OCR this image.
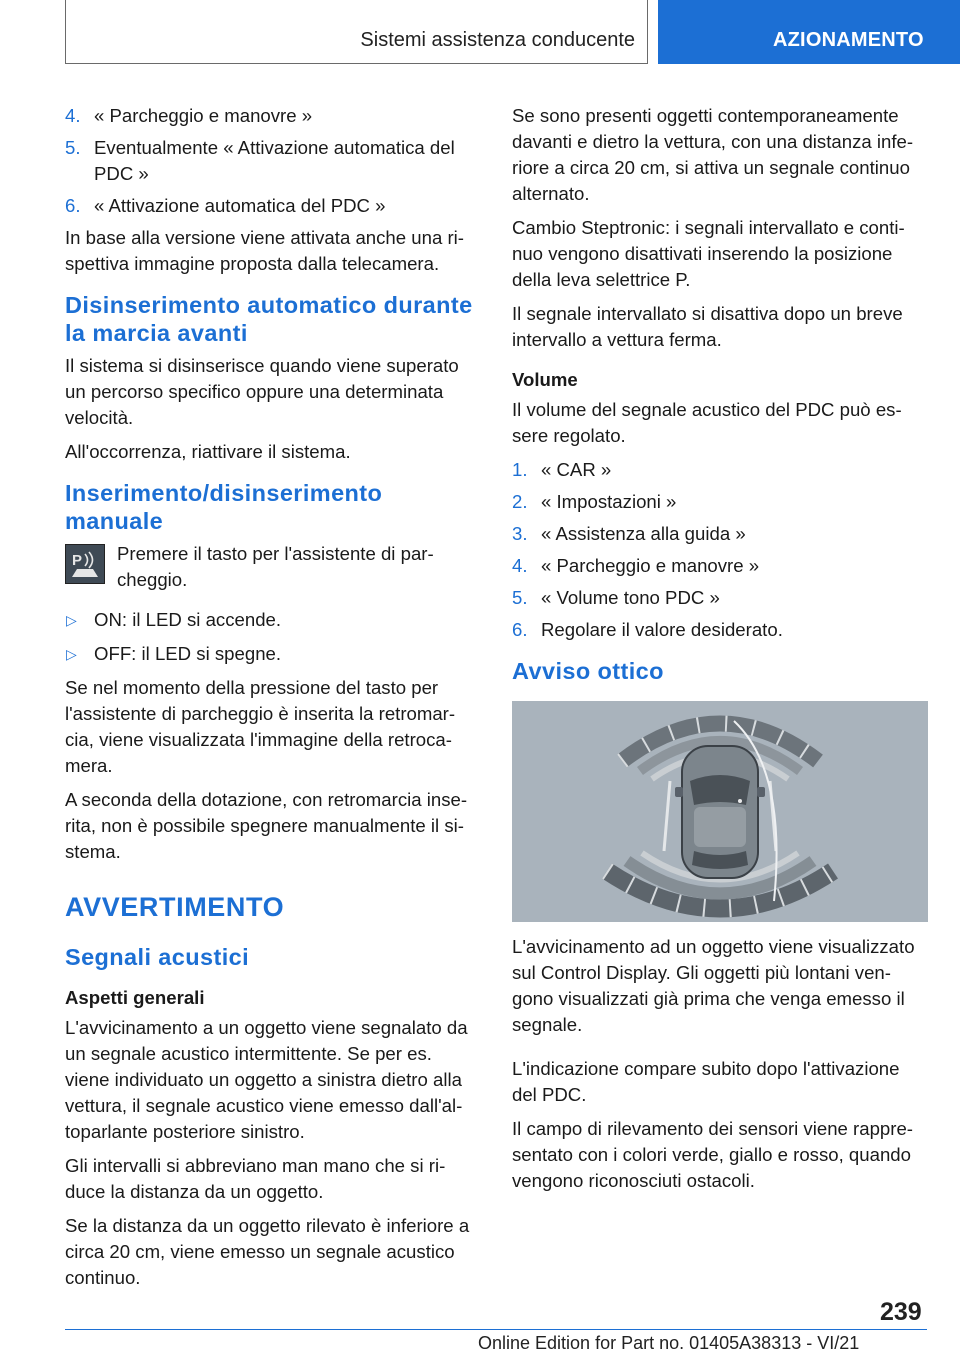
Sistemi assistenza conducente	AZIONAMENTO
4. « Parcheggio e manovre »
5. Eventualmente « Attivazione automatica del PDC »
6. « Attivazione automatica del PDC »

In base alla versione viene attivata anche una ri-spettiva immagine proposta dalla telecamera.

Disinserimento automatico durante la marcia avanti

Il sistema si disinserisce quando viene superato un percorso specifico oppure una determinata velocità.

All'occorrenza, riattivare il sistema.

Inserimento/disinserimento manuale
P Premere il tasto per l'assistente di par-cheggio.

▷ ON: il LED si accende.
▷ OFF: il LED si spegne.

Se nel momento della pressione del tasto per l'assistente di parcheggio è inserita la retromar-cia, viene visualizzata l'immagine della retroca-mera.

A seconda della dotazione, con retromarcia inse-rita, non è possibile spegnere manualmente il si-stema.

AVVERTIMENTO
Segnali acustici
Aspetti generali

L'avvicinamento a un oggetto viene segnalato da un segnale acustico intermittente. Se per es. viene individuato un oggetto a sinistra dietro alla vettura, il segnale acustico viene emesso dall'al-toparlante posteriore sinistro.

Gli intervalli si abbreviano man mano che si ri-duce la distanza da un oggetto.

Se la distanza da un oggetto rilevato è inferiore a circa 20 cm, viene emesso un segnale acustico continuo.

Se sono presenti oggetti contemporaneamente davanti e dietro la vettura, con una distanza infe-riore a circa 20 cm, si attiva un segnale continuo alternato.

Cambio Steptronic: i segnali intervallato e conti-nuo vengono disattivati inserendo la posizione della leva selettrice P.

Il segnale intervallato si disattiva dopo un breve intervallo a vettura ferma.

Volume

Il volume del segnale acustico del PDC può es-sere regolato.

1. « CAR »
2. « Impostazioni »
3. « Assistenza alla guida »
4. « Parcheggio e manovre »
5. « Volume tono PDC »
6. Regolare il valore desiderato.
Avviso ottico

L'avvicinamento ad un oggetto viene visualizzato sul Control Display. Gli oggetti più lontani ven-gono visualizzati già prima che venga emesso il segnale.

L'indicazione compare subito dopo l'attivazione del PDC.

Il campo di rilevamento dei sensori viene rappre-sentato con i colori verde, giallo e rosso, quando vengono riconosciuti ostacoli.

239
Online Edition for Part no. 01405A38313 - VI/21
